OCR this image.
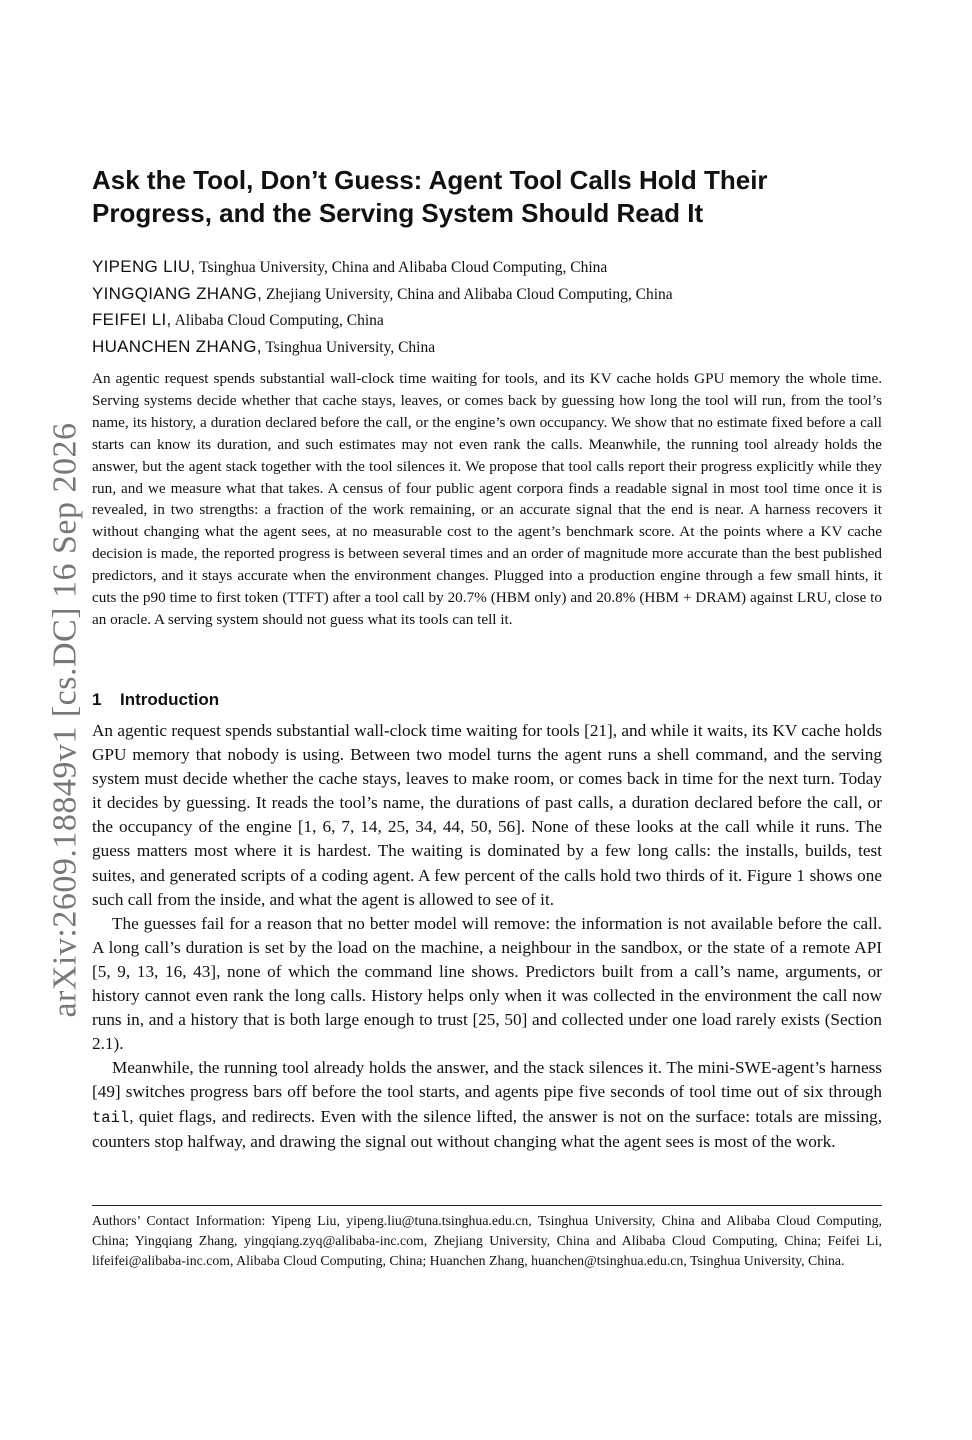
arXiv:2609.18849v1 [cs.DC] 16 Sep 2026
Ask the Tool, Don’t Guess: Agent Tool Calls Hold Their Progress, and the Serving System Should Read It
YIPENG LIU, Tsinghua University, China and Alibaba Cloud Computing, China
YINGQIANG ZHANG, Zhejiang University, China and Alibaba Cloud Computing, China
FEIFEI LI, Alibaba Cloud Computing, China
HUANCHEN ZHANG, Tsinghua University, China

An agentic request spends substantial wall-clock time waiting for tools, and its KV cache holds GPU memory the whole time. Serving systems decide whether that cache stays, leaves, or comes back by guessing how long the tool will run, from the tool’s name, its history, a duration declared before the call, or the engine’s own occupancy. We show that no estimate fixed before a call starts can know its duration, and such estimates may not even rank the calls. Meanwhile, the running tool already holds the answer, but the agent stack together with the tool silences it. We propose that tool calls report their progress explicitly while they run, and we measure what that takes. A census of four public agent corpora finds a readable signal in most tool time once it is revealed, in two strengths: a fraction of the work remaining, or an accurate signal that the end is near. A harness recovers it without changing what the agent sees, at no measurable cost to the agent’s benchmark score. At the points where a KV cache decision is made, the reported progress is between several times and an order of magnitude more accurate than the best published predictors, and it stays accurate when the environment changes. Plugged into a production engine through a few small hints, it cuts the p90 time to first token (TTFT) after a tool call by 20.7% (HBM only) and 20.8% (HBM + DRAM) against LRU, close to an oracle. A serving system should not guess what its tools can tell it.

1 Introduction

An agentic request spends substantial wall-clock time waiting for tools [21], and while it waits, its KV cache holds GPU memory that nobody is using. Between two model turns the agent runs a shell command, and the serving system must decide whether the cache stays, leaves to make room, or comes back in time for the next turn. Today it decides by guessing. It reads the tool’s name, the durations of past calls, a duration declared before the call, or the occupancy of the engine [1, 6, 7, 14, 25, 34, 44, 50, 56]. None of these looks at the call while it runs. The guess matters most where it is hardest. The waiting is dominated by a few long calls: the installs, builds, test suites, and generated scripts of a coding agent. A few percent of the calls hold two thirds of it. Figure 1 shows one such call from the inside, and what the agent is allowed to see of it.

The guesses fail for a reason that no better model will remove: the information is not available before the call. A long call’s duration is set by the load on the machine, a neighbour in the sandbox, or the state of a remote API [5, 9, 13, 16, 43], none of which the command line shows. Predictors built from a call’s name, arguments, or history cannot even rank the long calls. History helps only when it was collected in the environment the call now runs in, and a history that is both large enough to trust [25, 50] and collected under one load rarely exists (Section 2.1).

Meanwhile, the running tool already holds the answer, and the stack silences it. The mini-SWE-agent’s harness [49] switches progress bars off before the tool starts, and agents pipe five seconds of tool time out of six through tail, quiet flags, and redirects. Even with the silence lifted, the answer is not on the surface: totals are missing, counters stop halfway, and drawing the signal out without changing what the agent sees is most of the work.

Authors’ Contact Information: Yipeng Liu, yipeng.liu@tuna.tsinghua.edu.cn, Tsinghua University, China and Alibaba Cloud Computing, China; Yingqiang Zhang, yingqiang.zyq@alibaba-inc.com, Zhejiang University, China and Alibaba Cloud Computing, China; Feifei Li, lifeifei@alibaba-inc.com, Alibaba Cloud Computing, China; Huanchen Zhang, huanchen@tsinghua.edu.cn, Tsinghua University, China.
